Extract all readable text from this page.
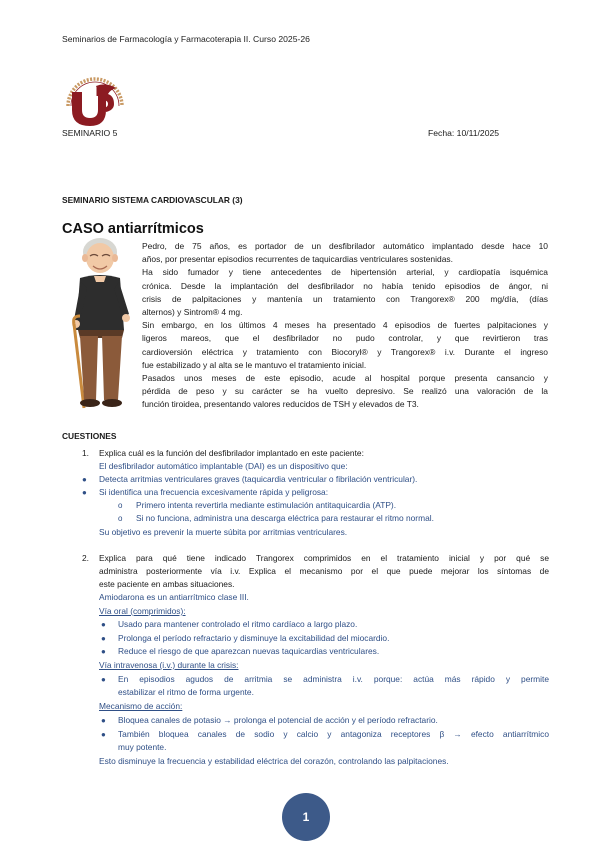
Seminarios de Farmacología y Farmacoterapia II. Curso 2025-26
SEMINARIO 5	Fecha: 10/11/2025
SEMINARIO SISTEMA CARDIOVASCULAR (3)
CASO antiarrítmicos

Pedro, de 75 años, es portador de un desfibrilador automático implantado desde hace 10

años, por presentar episodios recurrentes de taquicardias ventriculares sostenidas.

Ha sido fumador y tiene antecedentes de hipertensión arterial, y cardiopatía isquémica

crónica. Desde la implantación del desfibrilador no había tenido episodios de ángor, ni

crisis de palpitaciones y mantenía un tratamiento con Trangorex® 200 mg/día, (días

alternos) y Sintrom® 4 mg.

Sin embargo, en los últimos 4 meses ha presentado 4 episodios de fuertes palpitaciones y

ligeros mareos, que el desfibrilador no pudo controlar, y que revirtieron tras

cardioversión eléctrica y tratamiento con Biocoryl® y Trangorex® i.v. Durante el ingreso

fue estabilizado y al alta se le mantuvo el tratamiento inicial.

Pasados unos meses de este episodio, acude al hospital porque presenta cansancio y

pérdida de peso y su carácter se ha vuelto depresivo. Se realizó una valoración de la

función tiroidea, presentando valores reducidos de TSH y elevados de T3.

CUESTIONES
1. Explica cuál es la función del desfibrilador implantado en este paciente:
El desfibrilador automático implantable (DAI) es un dispositivo que:
● Detecta arritmias ventriculares graves (taquicardia ventricular o fibrilación ventricular).
● Si identifica una frecuencia excesivamente rápida y peligrosa:
o Primero intenta revertirla mediante estimulación antitaquicardia (ATP).
o Si no funciona, administra una descarga eléctrica para restaurar el ritmo normal.
Su objetivo es prevenir la muerte súbita por arritmias ventriculares.
2. Explica para qué tiene indicado Trangorex comprimidos en el tratamiento inicial y por qué se
administra posteriormente vía i.v. Explica el mecanismo por el que puede mejorar los síntomas de
este paciente en ambas situaciones.
Amiodarona es un antiarrítmico clase III.
Vía oral (comprimidos):
● Usado para mantener controlado el ritmo cardíaco a largo plazo.
● Prolonga el período refractario y disminuye la excitabilidad del miocardio.
● Reduce el riesgo de que aparezcan nuevas taquicardias ventriculares.
Vía intravenosa (i.v.) durante la crisis:
● En episodios agudos de arritmia se administra i.v. porque: actúa más rápido y permite
estabilizar el ritmo de forma urgente.
Mecanismo de acción:
● Bloquea canales de potasio → prolonga el potencial de acción y el período refractario.
● También bloquea canales de sodio y calcio y antagoniza receptores β → efecto antiarrítmico
muy potente.
Esto disminuye la frecuencia y estabilidad eléctrica del corazón, controlando las palpitaciones.
1
